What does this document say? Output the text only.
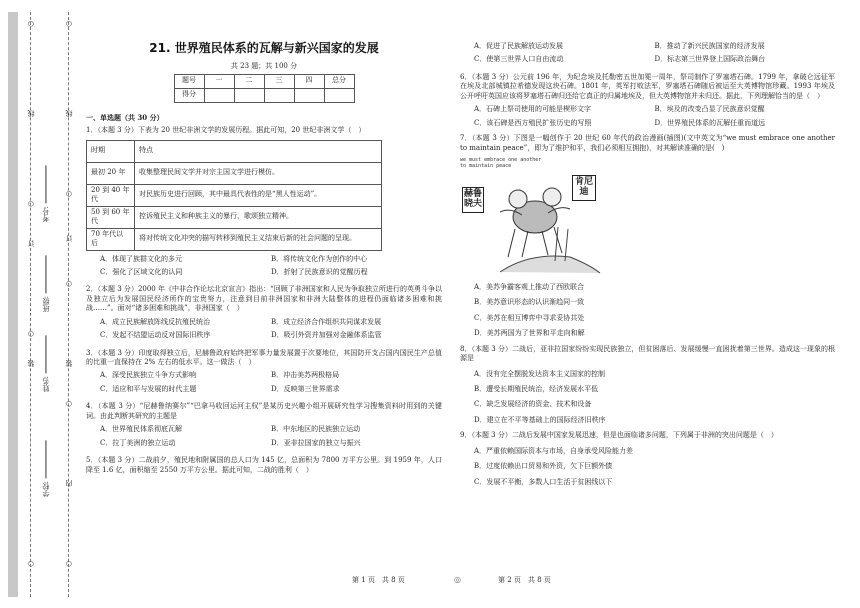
○
线
○
订
○
装
○
○
线
○
订
○
装
○
内
○
学校:
姓名:
班级:
考号:
21. 世界殖民体系的瓦解与新兴国家的发展
共 23 题；共 100 分
题号	一	二	三	四	总分
得分					
一、单选题（共 30 分）
1．（本题 3 分）下表为 20 世纪非洲文学的发展历程。据此可知，20 世纪非洲文学（　）
时期	特点
最初 20 年	收集整理民间文学并对宗主国文学进行模仿。
20 到 40 年代	对民族历史进行回顾，其中最具代表性的是“黑人性运动”。
50 到 60 年代	控诉殖民主义和种族主义的暴行，歌颂独立精神。
70 年代以后	将对传统文化冲突的描写转移到殖民主义结束后新的社会问题的呈现。
A．体现了族群文化的多元	B．将传统文化作为创作的中心
C．强化了区域文化的认同	D．折射了民族意识的觉醒历程
2．（本题 3 分）2000 年《中非合作论坛北京宣言》指出：“回顾了非洲国家和人民为争取独立所进行的英勇斗争以及独立后为发展国民经济所作的宝贵努力，注意到目前非洲国家和非洲大陆整体的进程仍面临诸多困难和挑战……”。面对“诸多困难和挑战”，非洲国家（　）
A．成立民族解放阵线反抗殖民统治	B．成立经济合作组织共同谋求发展
C．发起不结盟运动反对国际旧秩序	D．吸引外资并加强对金融体系监管
3．（本题 3 分）印度取得独立后，尼赫鲁政府始终把军事力量发展置于次要地位，其国防开支占国内国民生产总值的比重一直保持在 2% 左右的低水平。这一做法（　）
A．深受民族独立斗争方式影响	B．冲击美苏两极格局
C．适应和平与发展的时代主题	D．反映第三世界需求
4．（本题 3 分）“尼赫鲁纳赛尔”“巴拿马收回运河主权”是某历史兴趣小组开展研究性学习搜集资料时用到的关键词。由此判断其研究的主题是
A．世界殖民体系彻底瓦解	B．中东地区的民族独立运动
C．拉丁美洲的独立运动	D．亚非拉国家的独立与振兴
5．（本题 3 分）二战前夕，殖民地和附属国的总人口为 145 亿，总面积为 7800 万平方公里。到 1959 年，人口降至 1.6 亿，面积缩至 2550 万平方公里。据此可知，二战的胜利（　）
A．促进了民族解放运动发展	B．推动了新兴民族国家的经济发展
C．使第三世界人口自由流动	D．标志第三世界登上国际政治舞台
6．（本题 3 分）公元前 196 年，为纪念埃及托勒密五世加冕一周年，祭司制作了罗塞塔石碑。1799 年，拿破仑远征军在埃及北部城镇拉希德发现这块石碑。1801 年，英军打败法军，罗塞塔石碑随后被运至大英博物馆珍藏。1993 年埃及公开呼吁英国应该将罗塞塔石碑归还给它真正的归属地埃及，但大英博物馆并未归还。据此，下列理解恰当的是（　）
A．石碑上祭司使用的可能是楔形文字	B．埃及的改变凸显了民族意识觉醒
C．该石碑是西方殖民扩张历史的写照	D．世界殖民体系的瓦解任重而道远
7．（本题 3 分）下图是一幅创作于 20 世纪 60 年代的政治漫画(插图)(文中英文为“we must embrace one another to maintain peace”，即为了维护和平，我们必须相互拥抱)，对其解读准确的是(　)
we must embrace one another
to maintain peace
赫鲁晓夫
肯尼迪
A．美苏争霸客观上推动了西欧联合
B．美苏意识形态的认识渐趋同一致
C．美苏在相互博弈中寻求妥协共处
D．美苏两国为了世界和平走向和解
8．（本题 3 分）二战后，亚非拉国家纷纷实现民族独立，但贫困落后、发展缓慢一直困扰着第三世界。造成这一现象的根源是
A．没有完全摆脱发达资本主义国家的控制
B．遭受长期殖民统治，经济发展水平低
C．缺乏发展经济的资金、技术和设备
D．建立在不平等基础上的国际经济旧秩序
9．（本题 3 分）二战后发展中国家发展迅速，但是也面临诸多问题，下列属于非洲的突出问题是（　）
A．严重依赖国际资本与市场，自身承受风险能力差
B．过度依赖出口贸易和外资，欠下巨额外债
C．发展不平衡，多数人口生活于贫困线以下
第 1 页　共 8 页	◎	第 2 页　共 8 页
